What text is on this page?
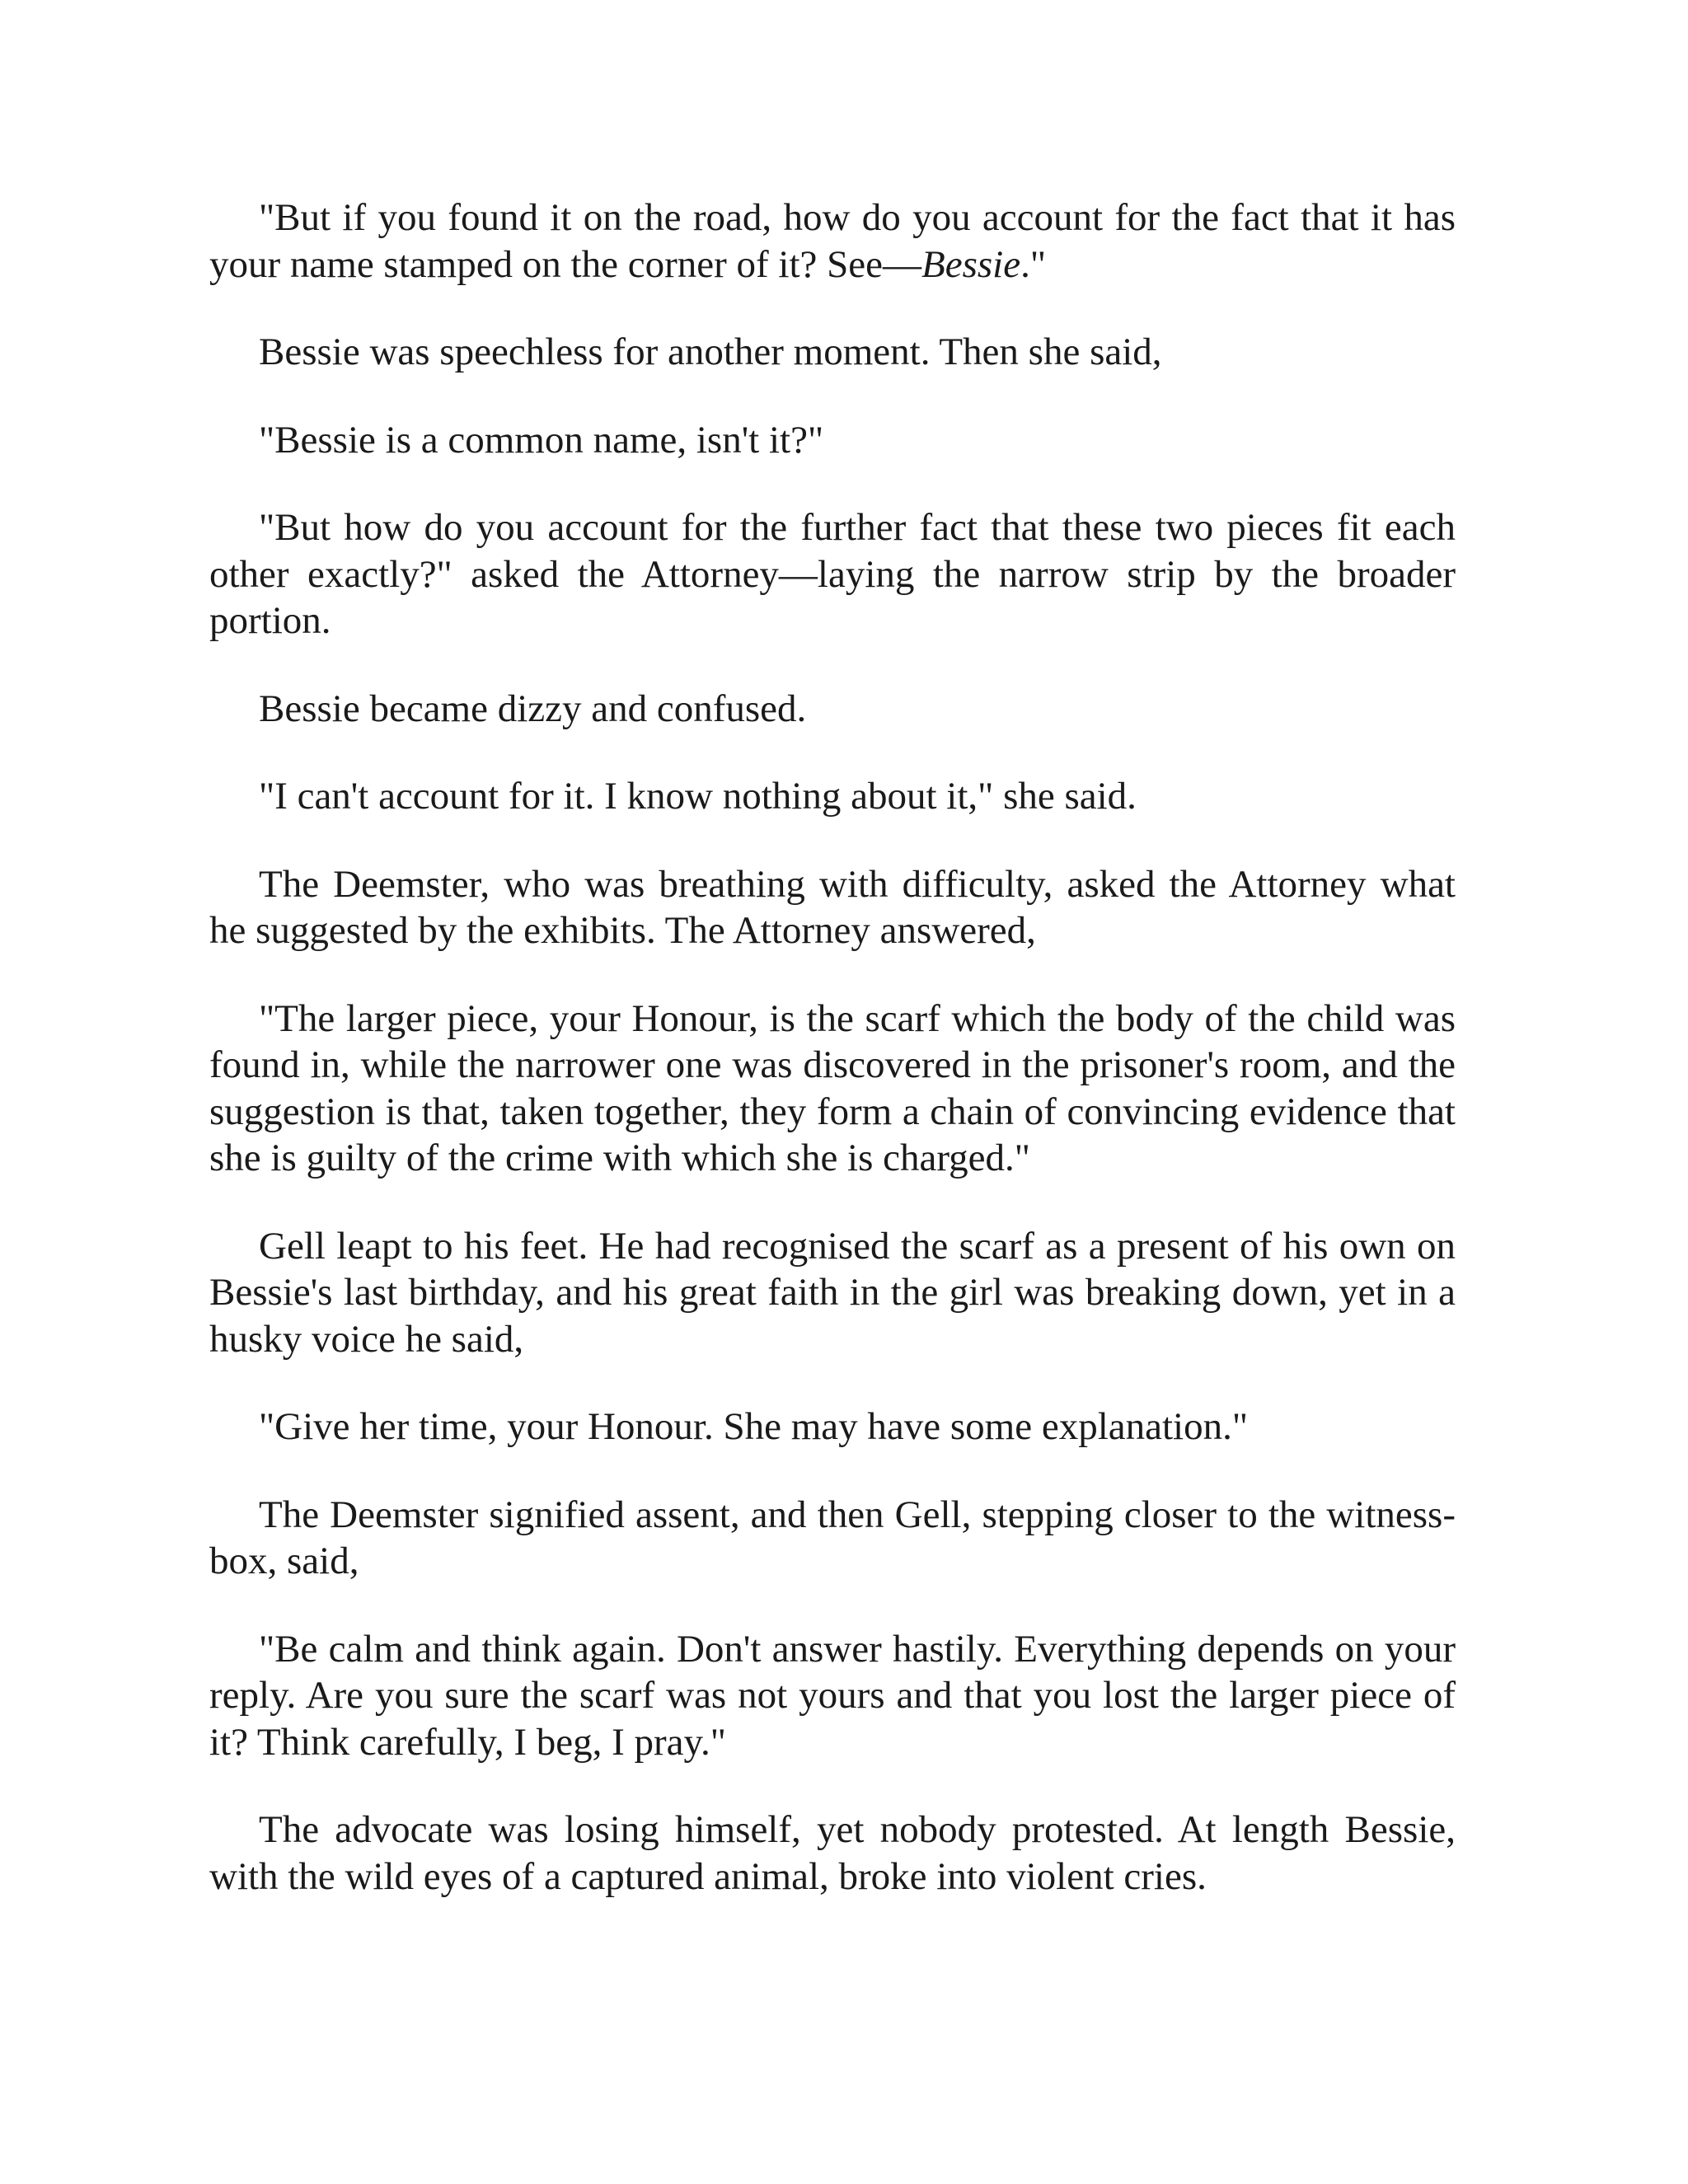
"But if you found it on the road, how do you account for the fact that it has your name stamped on the corner of it? See—Bessie."

Bessie was speechless for another moment. Then she said,

"Bessie is a common name, isn't it?"

"But how do you account for the further fact that these two pieces fit each other exactly?" asked the Attorney—laying the narrow strip by the broader portion.

Bessie became dizzy and confused.

"I can't account for it. I know nothing about it," she said.

The Deemster, who was breathing with difficulty, asked the Attorney what he suggested by the exhibits. The Attorney answered,

"The larger piece, your Honour, is the scarf which the body of the child was found in, while the narrower one was discovered in the prisoner's room, and the suggestion is that, taken together, they form a chain of convincing evidence that she is guilty of the crime with which she is charged."

Gell leapt to his feet. He had recognised the scarf as a present of his own on Bessie's last birthday, and his great faith in the girl was breaking down, yet in a husky voice he said,

"Give her time, your Honour. She may have some explanation."

The Deemster signified assent, and then Gell, stepping closer to the witness-box, said,

"Be calm and think again. Don't answer hastily. Everything depends on your reply. Are you sure the scarf was not yours and that you lost the larger piece of it? Think carefully, I beg, I pray."

The advocate was losing himself, yet nobody protested. At length Bessie, with the wild eyes of a captured animal, broke into violent cries.
